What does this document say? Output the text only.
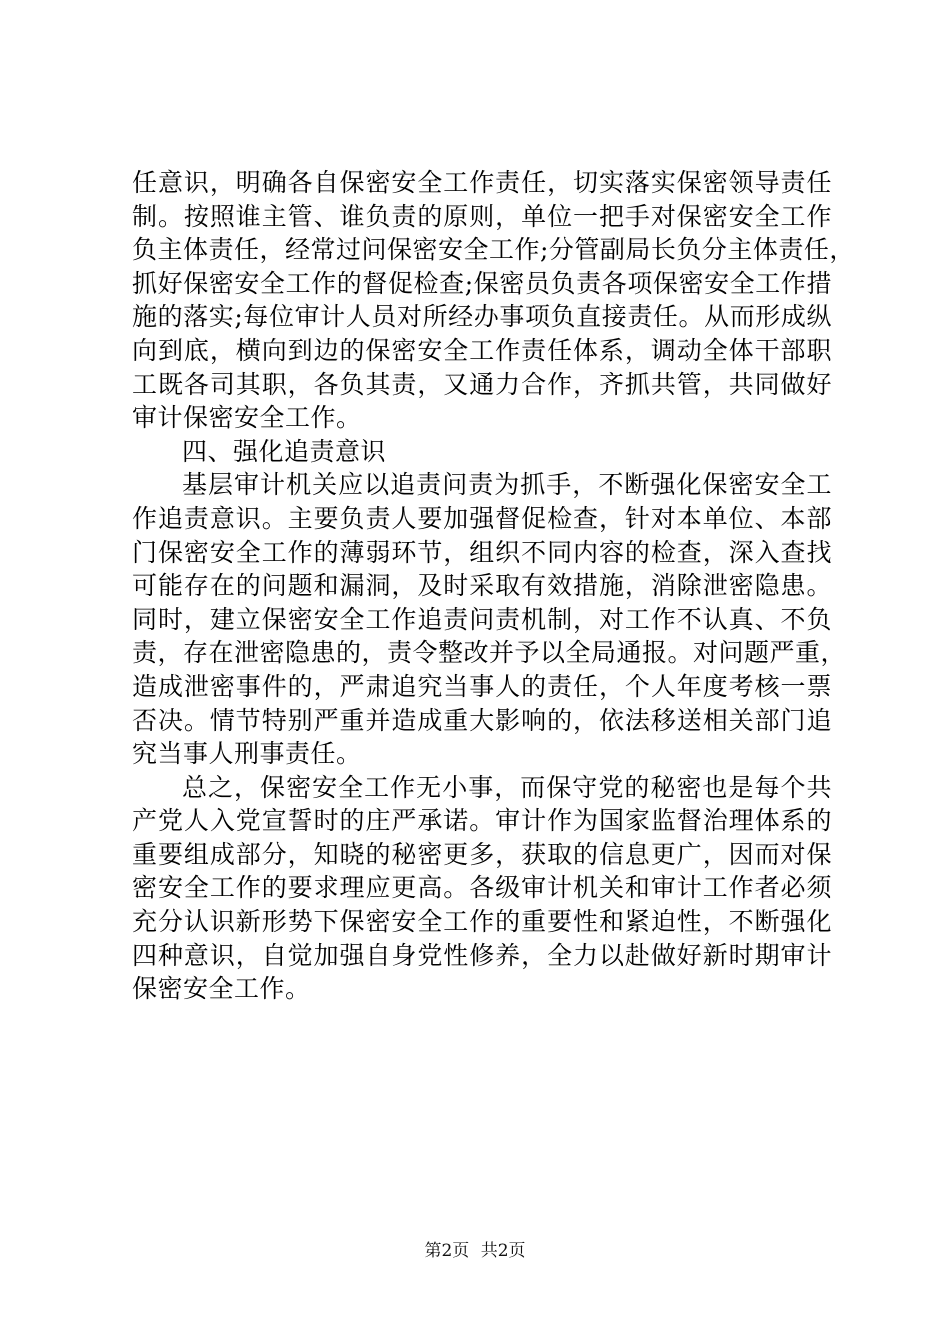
任意识，明确各自保密安全工作责任，切实落实保密领导责任
制。按照谁主管、谁负责的原则，单位一把手对保密安全工作
负主体责任，经常过问保密安全工作;分管副局长负分主体责任，
抓好保密安全工作的督促检查;保密员负责各项保密安全工作措
施的落实;每位审计人员对所经办事项负直接责任。从而形成纵
向到底，横向到边的保密安全工作责任体系，调动全体干部职
工既各司其职，各负其责，又通力合作，齐抓共管，共同做好
审计保密安全工作。
四、强化追责意识
基层审计机关应以追责问责为抓手，不断强化保密安全工
作追责意识。主要负责人要加强督促检查，针对本单位、本部
门保密安全工作的薄弱环节，组织不同内容的检查，深入查找
可能存在的问题和漏洞，及时采取有效措施，消除泄密隐患。
同时，建立保密安全工作追责问责机制，对工作不认真、不负
责，存在泄密隐患的，责令整改并予以全局通报。对问题严重，
造成泄密事件的，严肃追究当事人的责任，个人年度考核一票
否决。情节特别严重并造成重大影响的，依法移送相关部门追
究当事人刑事责任。
总之，保密安全工作无小事，而保守党的秘密也是每个共
产党人入党宣誓时的庄严承诺。审计作为国家监督治理体系的
重要组成部分，知晓的秘密更多，获取的信息更广，因而对保
密安全工作的要求理应更高。各级审计机关和审计工作者必须
充分认识新形势下保密安全工作的重要性和紧迫性，不断强化
四种意识，自觉加强自身党性修养，全力以赴做好新时期审计
保密安全工作。
第2页 共2页
